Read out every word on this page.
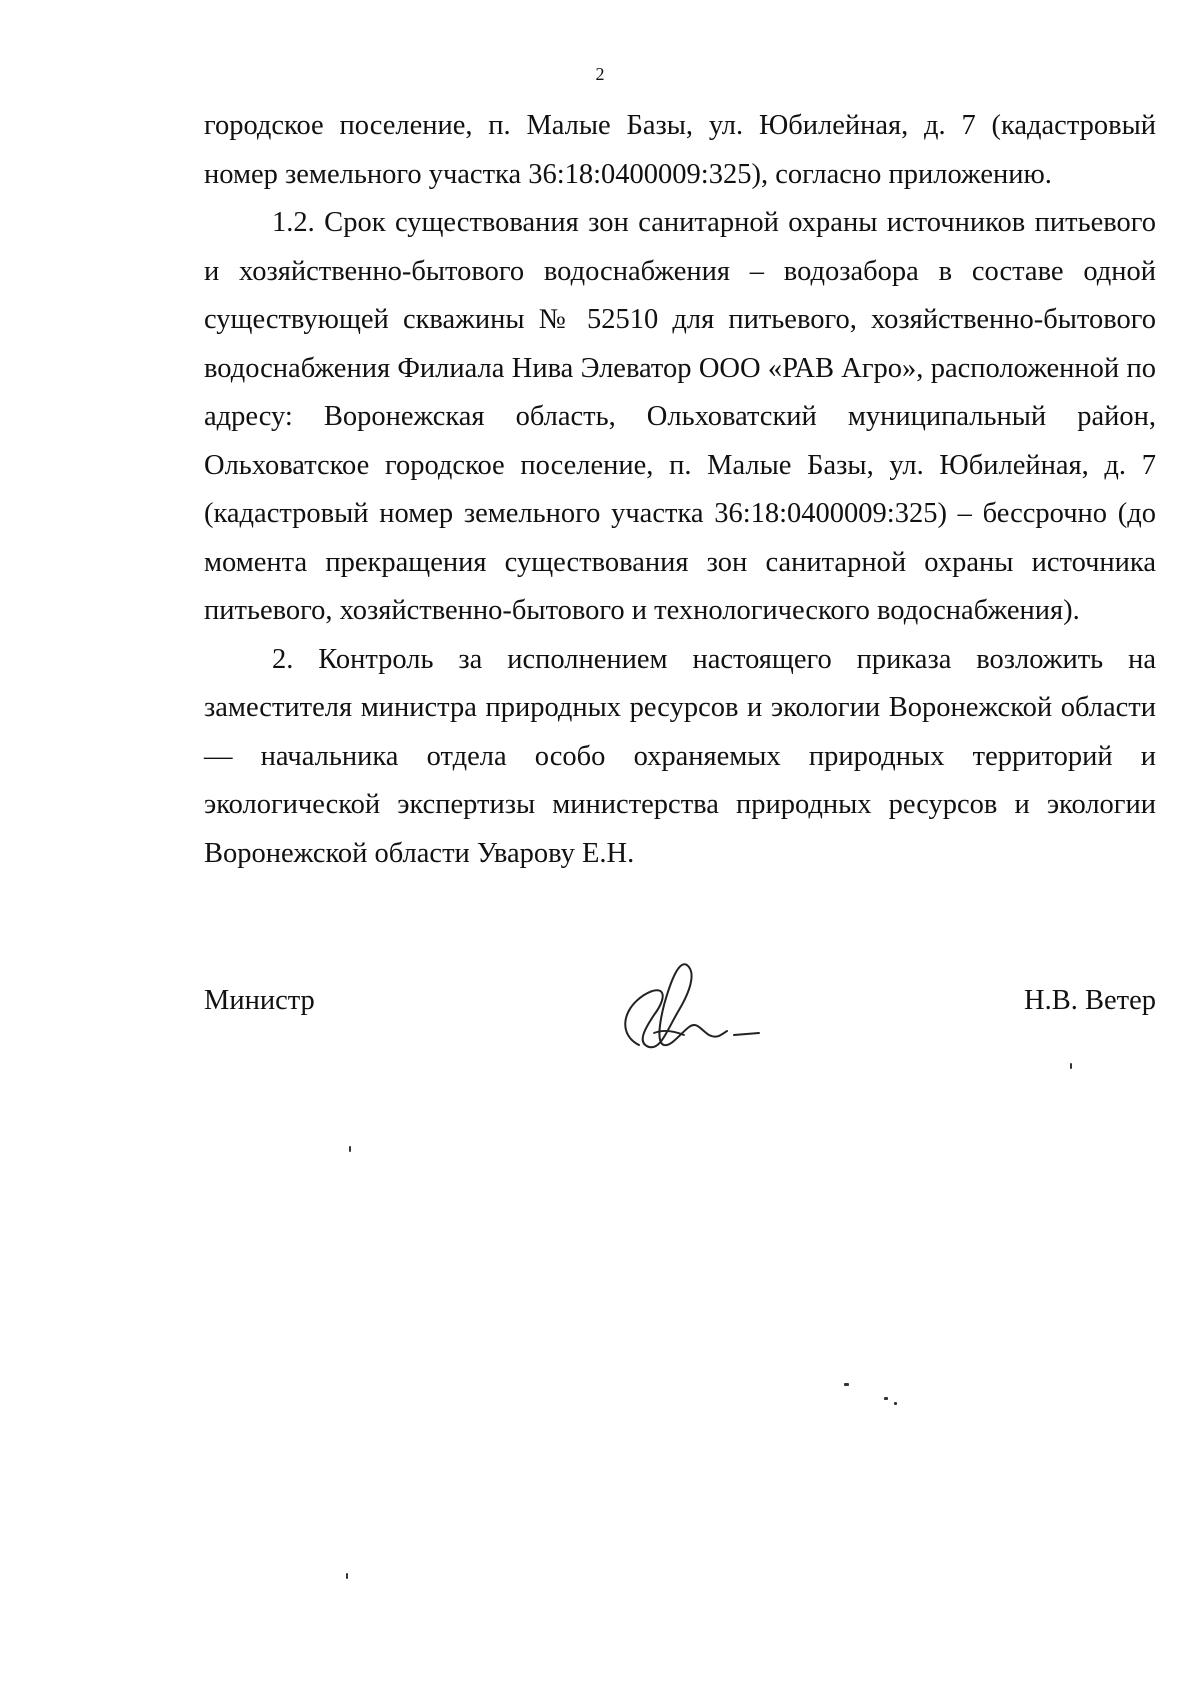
2

городское поселение, п. Малые Базы, ул. Юбилейная, д. 7 (кадастровый номер земельного участка 36:18:0400009:325), согласно приложению.

1.2. Срок существования зон санитарной охраны источников питьевого и хозяйственно-бытового водоснабжения – водозабора в составе одной существующей скважины № 52510 для питьевого, хозяйственно-бытового водоснабжения Филиала Нива Элеватор ООО «РАВ Агро», расположенной по адресу: Воронежская область, Ольховатский муниципальный район, Ольховатское городское поселение, п. Малые Базы, ул. Юбилейная, д. 7 (кадастровый номер земельного участка 36:18:0400009:325) – бессрочно (до момента прекращения существования зон санитарной охраны источника питьевого, хозяйственно-бытового и технологического водоснабжения).

2. Контроль за исполнением настоящего приказа возложить на заместителя министра природных ресурсов и экологии Воронежской области — начальника отдела особо охраняемых природных территорий и экологической экспертизы министерства природных ресурсов и экологии Воронежской области Уварову Е.Н.

Министр	Н.В. Ветер
